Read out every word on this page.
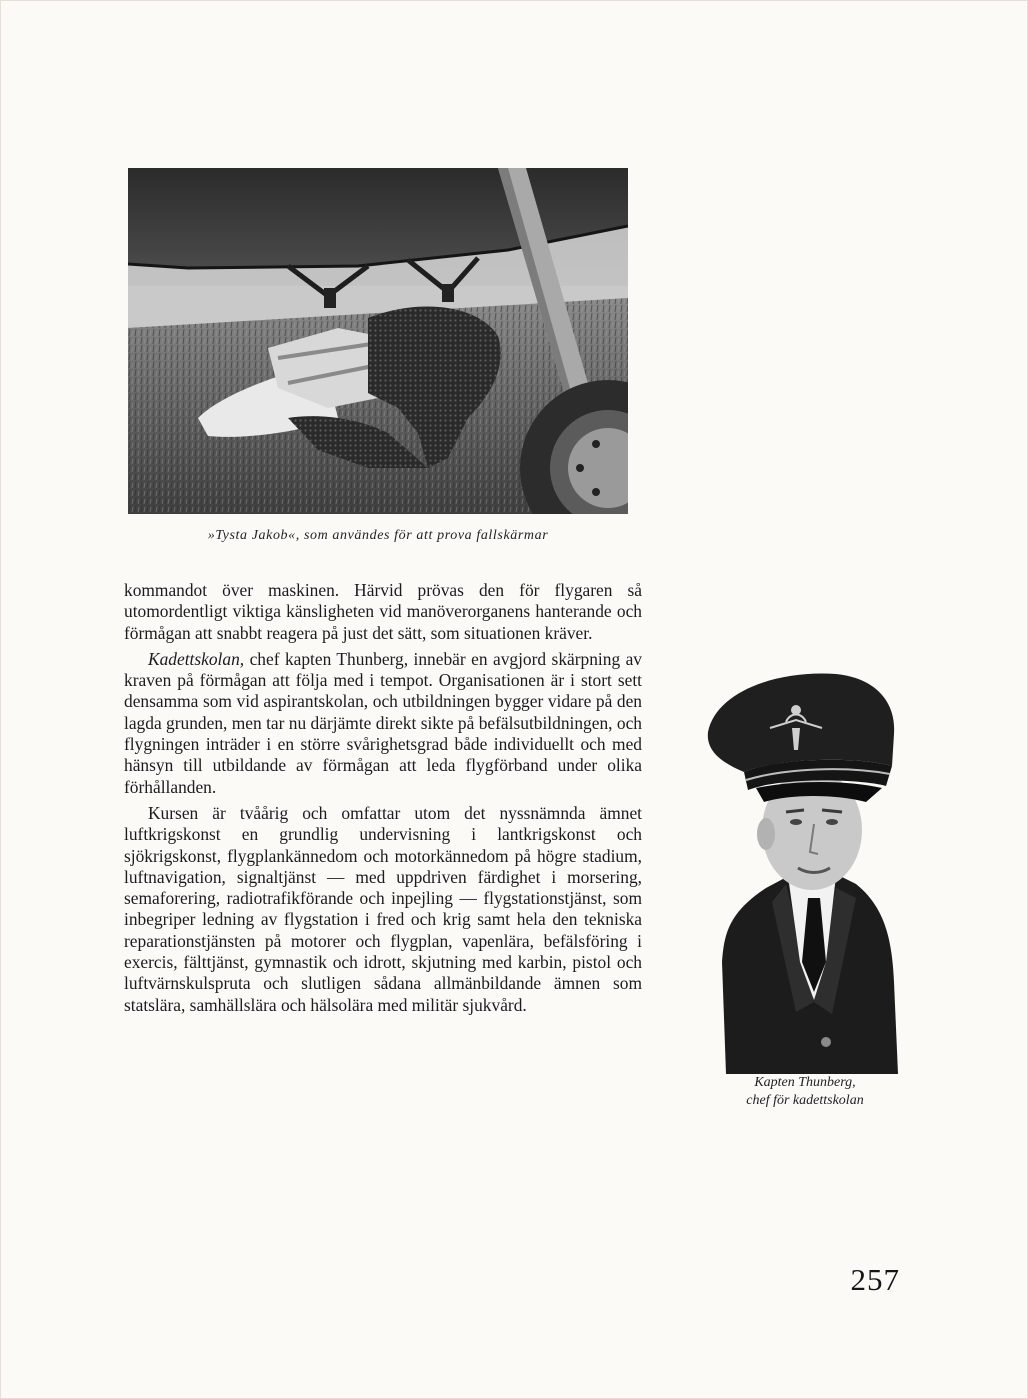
»Tysta Jakob«, som användes för att prova fallskärmar

kommandot över maskinen. Härvid prövas den för flygaren så utomordentligt viktiga känsligheten vid manöverorganens hanterande och förmågan att snabbt reagera på just det sätt, som situationen kräver.

Kadettskolan, chef kapten Thunberg, innebär en avgjord skärpning av kraven på förmågan att följa med i tempot. Organisationen är i stort sett densamma som vid aspirantskolan, och utbildningen bygger vidare på den lagda grunden, men tar nu därjämte direkt sikte på befälsutbildningen, och flygningen inträder i en större svårighetsgrad både individuellt och med hänsyn till utbildande av förmågan att leda flygförband under olika förhållanden.

Kursen är tvåårig och omfattar utom det nyssnämnda ämnet luftkrigskonst en grundlig undervisning i lantkrigskonst och sjökrigskonst, flygplankännedom och motorkännedom på högre stadium, luftnavigation, signaltjänst — med uppdriven färdighet i morsering, semaforering, radiotrafikförande och inpejling — flygstationstjänst, som inbegriper ledning av flygstation i fred och krig samt hela den tekniska reparationstjänsten på motorer och flygplan, vapenlära, befälsföring i exercis, fälttjänst, gymnastik och idrott, skjutning med karbin, pistol och luftvärnskulspruta och slutligen sådana allmänbildande ämnen som statslära, samhällslära och hälsolära med militär sjukvård.

Kapten Thunberg,
chef för kadettskolan
257
